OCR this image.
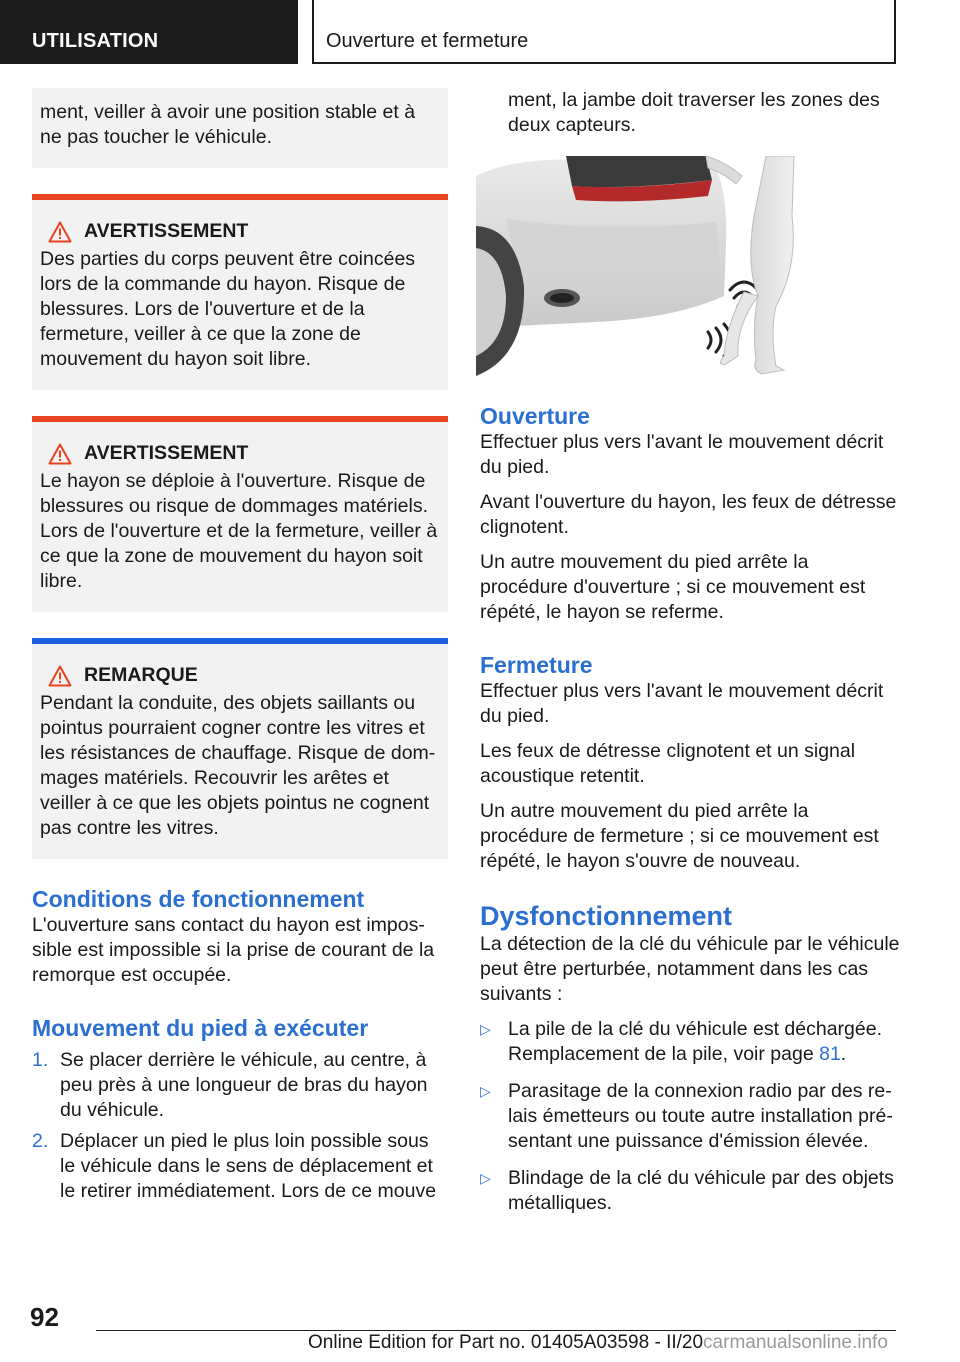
UTILISATION	Ouverture et fermeture

ment, veiller à avoir une position stable et à ne pas toucher le véhicule.

AVERTISSEMENT

Des parties du corps peuvent être coincées lors de la commande du hayon. Risque de blessures. Lors de l'ouverture et de la fermeture, veiller à ce que la zone de mouvement du hayon soit libre.

AVERTISSEMENT

Le hayon se déploie à l'ouverture. Risque de blessures ou risque de dommages matériels. Lors de l'ouverture et de la fermeture, veiller à ce que la zone de mouvement du hayon soit libre.

REMARQUE

Pendant la conduite, des objets saillants ou pointus pourraient cogner contre les vitres et les résistances de chauffage. Risque de dommages matériels. Recouvrir les arêtes et veiller à ce que les objets pointus ne cognent pas contre les vitres.

Conditions de fonctionnement

L'ouverture sans contact du hayon est impossible est impossible si la prise de courant de la remorque est occupée.

Mouvement du pied à exécuter
1. Se placer derrière le véhicule, au centre, à peu près à une longueur de bras du hayon du véhicule.
2. Déplacer un pied le plus loin possible sous le véhicule dans le sens de déplacement et le retirer immédiatement. Lors de ce mouve

ment, la jambe doit traverser les zones des deux capteurs.

Ouverture

Effectuer plus vers l'avant le mouvement décrit du pied.

Avant l'ouverture du hayon, les feux de détresse clignotent.

Un autre mouvement du pied arrête la procédure d'ouverture ; si ce mouvement est répété, le hayon se referme.

Fermeture

Effectuer plus vers l'avant le mouvement décrit du pied.

Les feux de détresse clignotent et un signal acoustique retentit.

Un autre mouvement du pied arrête la procédure de fermeture ; si ce mouvement est répété, le hayon s'ouvre de nouveau.

Dysfonctionnement

La détection de la clé du véhicule par le véhicule peut être perturbée, notamment dans les cas suivants :

▷ La pile de la clé du véhicule est déchargée. Remplacement de la pile, voir page 81.
▷ Parasitage de la connexion radio par des relais émetteurs ou toute autre installation présentant une puissance d'émission élevée.
▷ Blindage de la clé du véhicule par des objets métalliques.
92
Online Edition for Part no. 01405A03598 - II/20carmanualsonline.info
